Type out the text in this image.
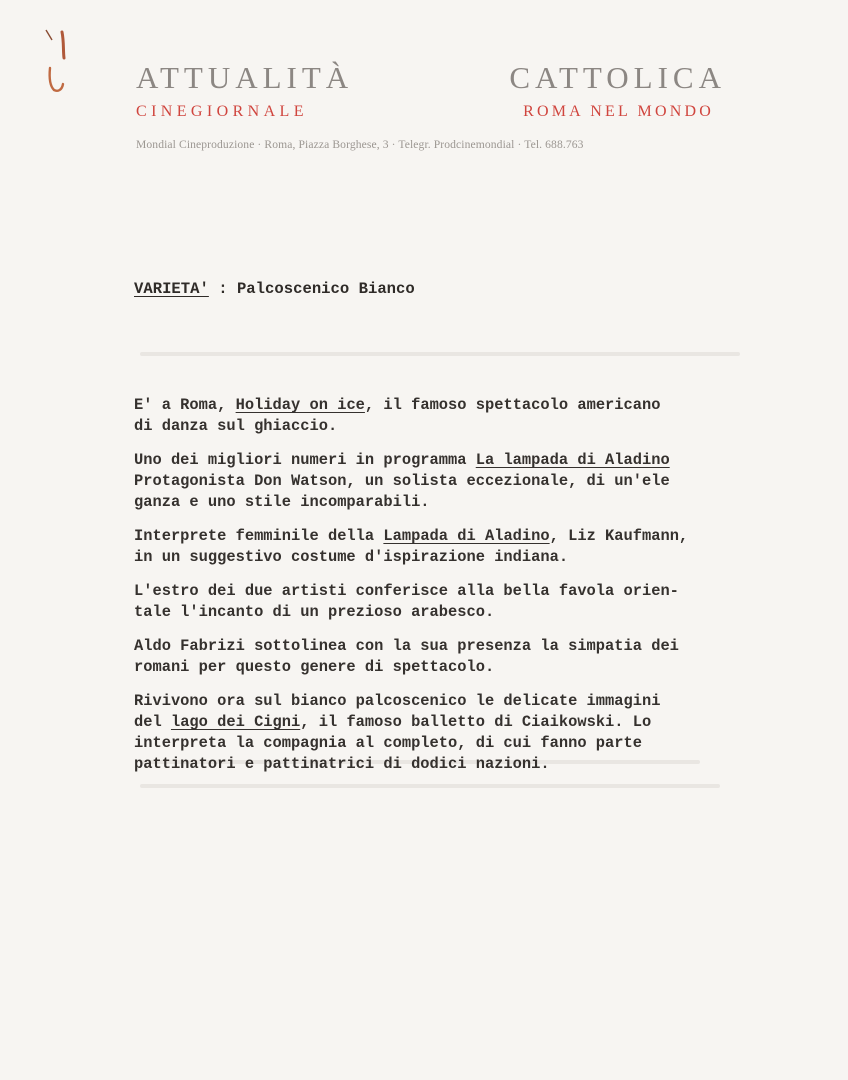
ATTUALITÀ	CATTOLICA
CINEGIORNALE	ROMA NEL MONDO
Mondial Cineproduzione · Roma, Piazza Borghese, 3 · Telegr. Prodcinemondial · Tel. 688.763
VARIETA' : Palcoscenico Bianco
E' a Roma, Holiday on ice, il famoso spettacolo americano
di danza sul ghiaccio.
Uno dei migliori numeri in programma La lampada di Aladino
Protagonista Don Watson, un solista eccezionale, di un'ele
ganza e uno stile incomparabili.
Interprete femminile della Lampada di Aladino, Liz Kaufmann,
in un suggestivo costume d'ispirazione indiana.
L'estro dei due artisti conferisce alla bella favola orien-
tale l'incanto di un prezioso arabesco.
Aldo Fabrizi sottolinea con la sua presenza la simpatia dei
romani per questo genere di spettacolo.
Rivivono ora sul bianco palcoscenico le delicate immagini
del lago dei Cigni, il famoso balletto di Ciaikowski. Lo
interpreta la compagnia al completo, di cui fanno parte
pattinatori e pattinatrici di dodici nazioni.
